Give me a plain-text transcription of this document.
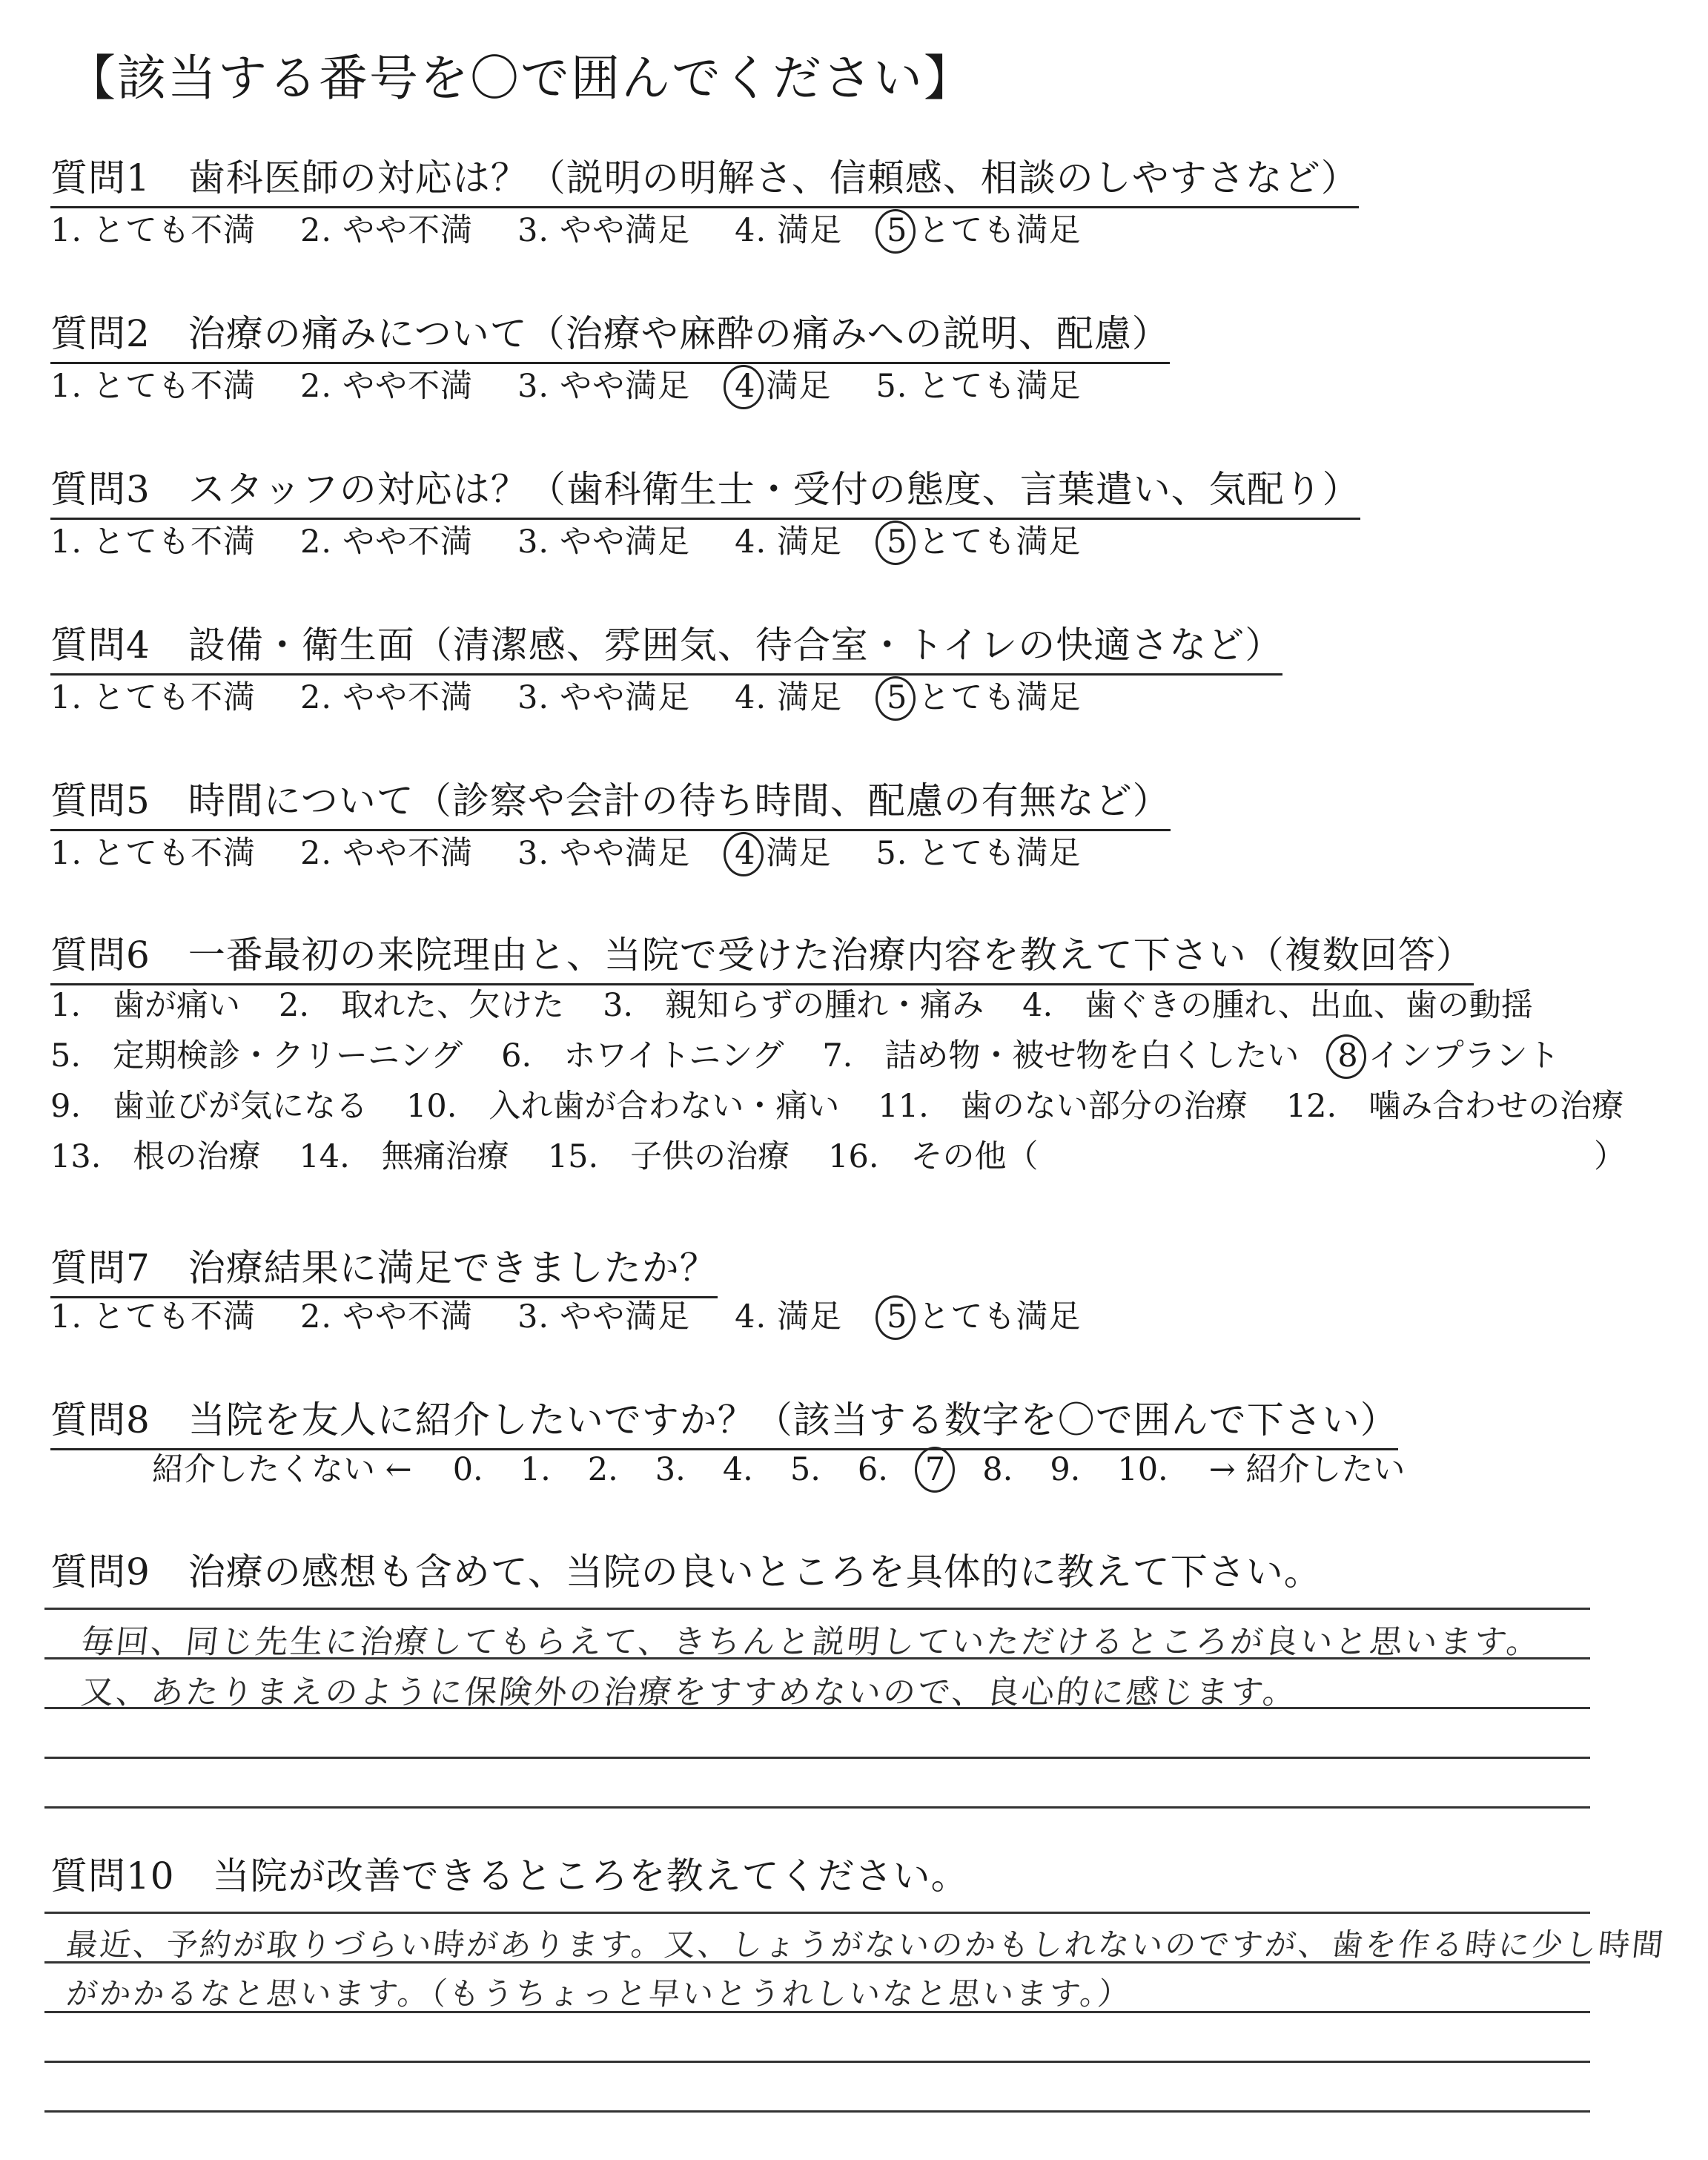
【該当する番号を〇で囲んでください】
質問1　歯科医師の対応は？（説明の明解さ、信頼感、相談のしやすさなど）
1. とても不満 2. やや不満 3. やや満足 4. 満足 5 とても満足
質問2　治療の痛みについて（治療や麻酔の痛みへの説明、配慮）
1. とても不満 2. やや不満 3. やや満足 4 満足 5. とても満足
質問3　スタッフの対応は？（歯科衛生士・受付の態度、言葉遣い、気配り）
1. とても不満 2. やや不満 3. やや満足 4. 満足 5 とても満足
質問4　設備・衛生面（清潔感、雰囲気、待合室・トイレの快適さなど）
1. とても不満 2. やや不満 3. やや満足 4. 満足 5 とても満足
質問5　時間について（診察や会計の待ち時間、配慮の有無など）
1. とても不満 2. やや不満 3. やや満足 4 満足 5. とても満足
質問6　一番最初の来院理由と、当院で受けた治療内容を教えて下さい（複数回答）
1.　歯が痛い 2.　取れた、欠けた 3.　親知らずの腫れ・痛み 4.　歯ぐきの腫れ、出血、歯の動揺
5.　定期検診・クリーニング 6.　ホワイトニング 7.　詰め物・被せ物を白くしたい 8 インプラント
9.　歯並びが気になる 10.　入れ歯が合わない・痛い 11.　歯のない部分の治療 12.　噛み合わせの治療
13.　根の治療 14.　無痛治療 15.　子供の治療 16.　その他（	）
質問7　治療結果に満足できましたか？
1. とても不満 2. やや不満 3. やや満足 4. 満足 5 とても満足
質問8　当院を友人に紹介したいですか？（該当する数字を〇で囲んで下さい）
紹介したくない ← 0. 1. 2. 3. 4. 5. 6. 7 8. 9. 10. → 紹介したい
質問9　治療の感想も含めて、当院の良いところを具体的に教えて下さい。
毎回、同じ先生に治療してもらえて、きちんと説明していただけるところが良いと思います。
又、あたりまえのように保険外の治療をすすめないので、良心的に感じます。
質問10　当院が改善できるところを教えてください。
最近、予約が取りづらい時があります。又、しょうがないのかもしれないのですが、歯を作る時に少し時間
がかかるなと思います。（もうちょっと早いとうれしいなと思います。）
